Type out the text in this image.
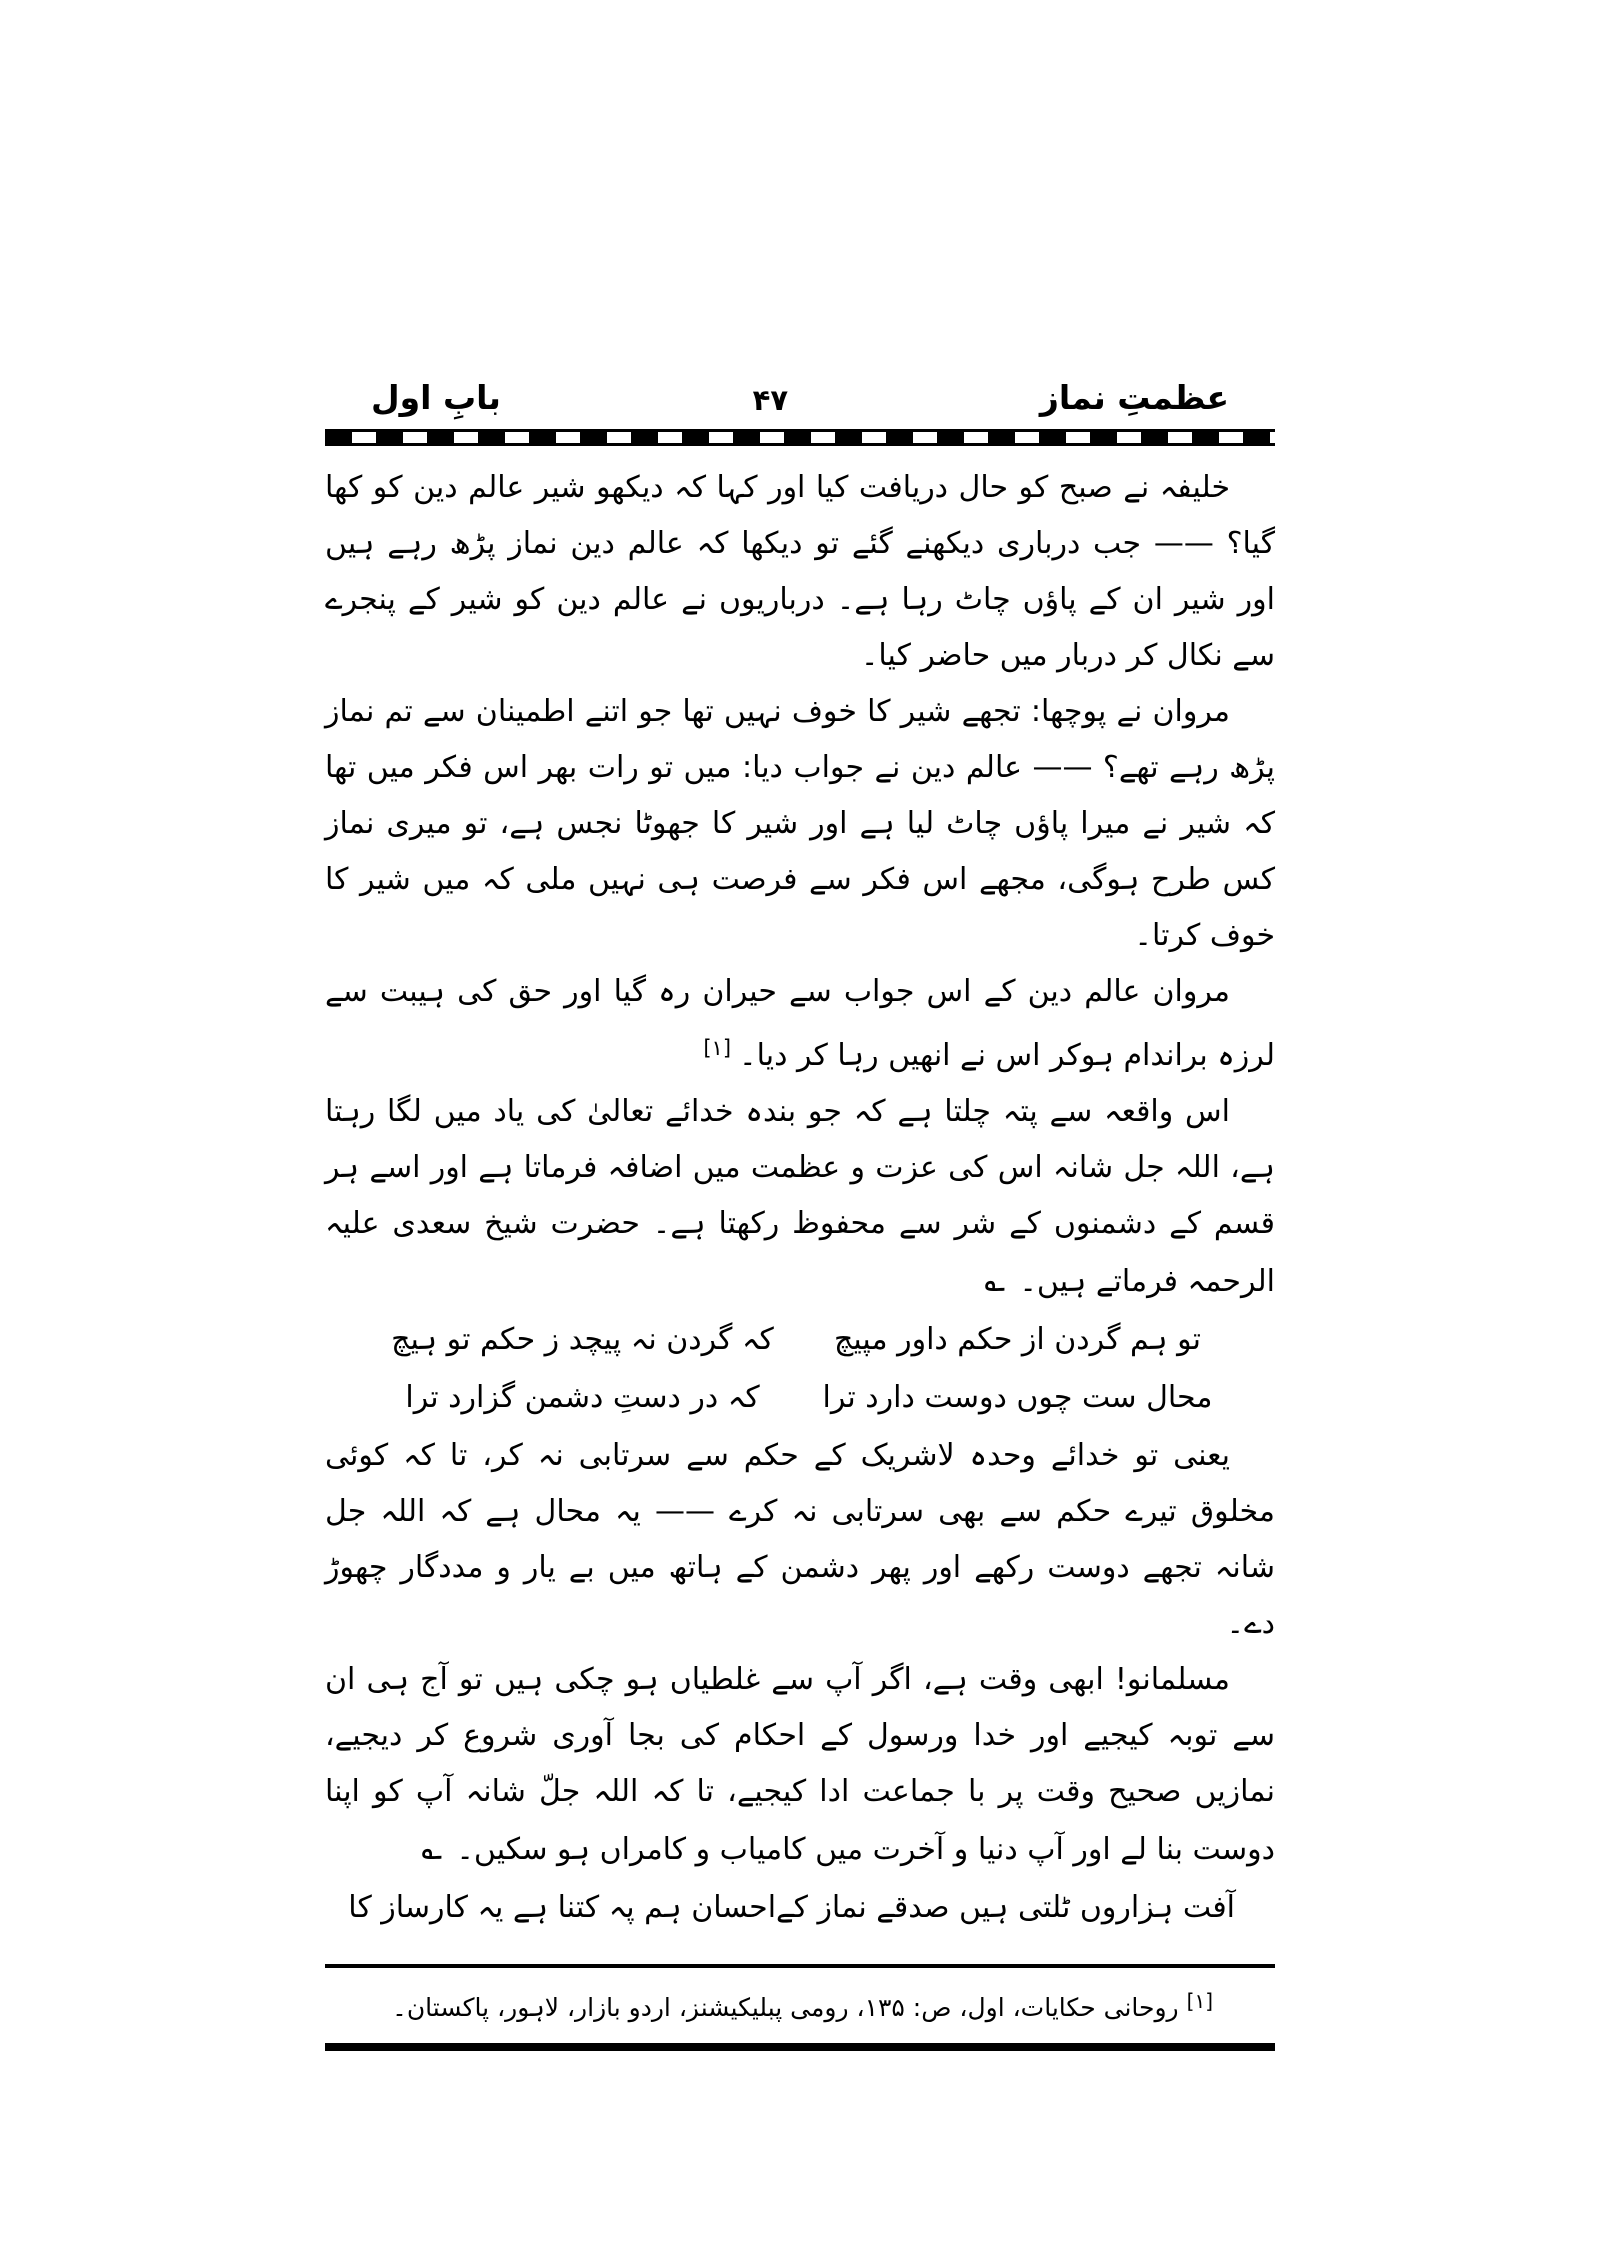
عظمتِ نماز
۴۷
بابِ اول

خلیفہ نے صبح کو حال دریافت کیا اور کہا کہ دیکھو شیر عالم دین کو کھا گیا؟ —— جب درباری دیکھنے گئے تو دیکھا کہ عالم دین نماز پڑھ رہے ہیں اور شیر ان کے پاؤں چاٹ رہا ہے۔ درباریوں نے عالم دین کو شیر کے پنجرے سے نکال کر دربار میں حاضر کیا۔

مروان نے پوچھا: تجھے شیر کا خوف نہیں تھا جو اتنے اطمینان سے تم نماز پڑھ رہے تھے؟ —— عالم دین نے جواب دیا: میں تو رات بھر اس فکر میں تھا کہ شیر نے میرا پاؤں چاٹ لیا ہے اور شیر کا جھوٹا نجس ہے، تو میری نماز کس طرح ہوگی، مجھے اس فکر سے فرصت ہی نہیں ملی کہ میں شیر کا خوف کرتا۔

مروان عالم دین کے اس جواب سے حیران رہ گیا اور حق کی ہیبت سے لرزہ براندام ہوکر اس نے انھیں رہا کر دیا۔[۱]

اس واقعہ سے پتہ چلتا ہے کہ جو بندہ خدائے تعالیٰ کی یاد میں لگا رہتا ہے، اللہ جل شانہ اس کی عزت و عظمت میں اضافہ فرماتا ہے اور اسے ہر قسم کے دشمنوں کے شر سے محفوظ رکھتا ہے۔ حضرت شیخ سعدی علیہ الرحمہ فرماتے ہیں۔؎

تو ہم گردن از حکم داور مپیچ
کہ گردن نہ پیچد ز حکم تو ہیچ
محال ست چوں دوست دارد ترا
کہ در دستِ دشمن گزارد ترا

یعنی تو خدائے وحدہ لاشریک کے حکم سے سرتابی نہ کر، تا کہ کوئی مخلوق تیرے حکم سے بھی سرتابی نہ کرے —— یہ محال ہے کہ اللہ جل شانہ تجھے دوست رکھے اور پھر دشمن کے ہاتھ میں بے یار و مددگار چھوڑ دے۔

مسلمانو! ابھی وقت ہے، اگر آپ سے غلطیاں ہو چکی ہیں تو آج ہی ان سے توبہ کیجیے اور خدا ورسول کے احکام کی بجا آوری شروع کر دیجیے، نمازیں صحیح وقت پر با جماعت ادا کیجیے، تا کہ اللہ جلّ شانہ آپ کو اپنا دوست بنا لے اور آپ دنیا و آخرت میں کامیاب و کامراں ہو سکیں۔؎

آفت ہزاروں ٹلتی ہیں صدقے نماز کے
احسان ہم پہ کتنا ہے یہ کارساز کا
[۱]روحانی حکایات، اول، ص: ۱۳۵، رومی پبلیکیشنز، اردو بازار، لاہور، پاکستان۔
